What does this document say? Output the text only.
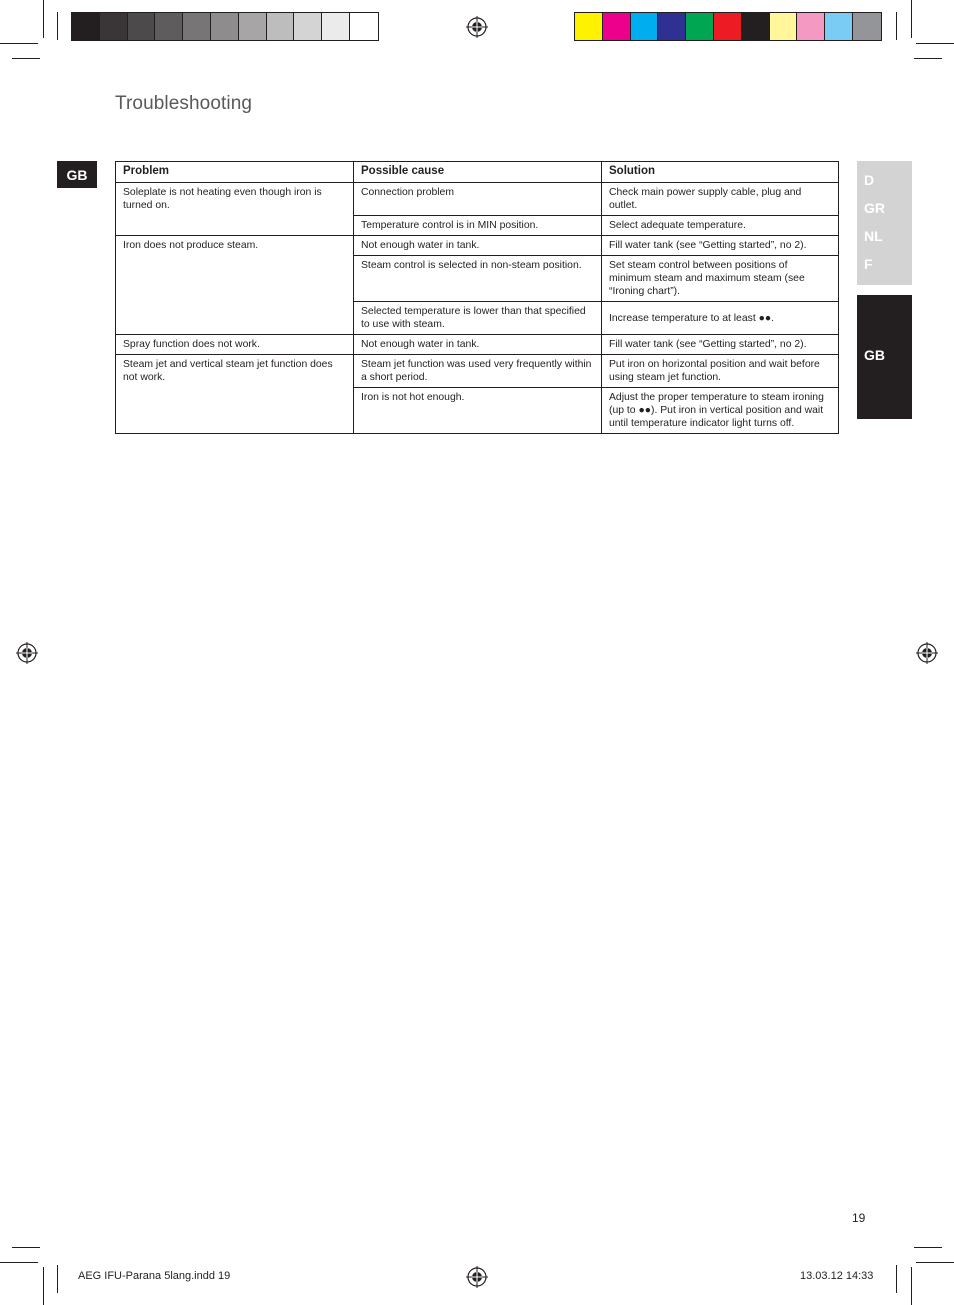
Troubleshooting
GB	D
GR
NL
F
GB
Problem	Possible cause	Solution
Soleplate is not heating even though iron is turned on.	Connection problem	Check main power supply cable, plug and outlet.
	Temperature control is in MIN position.	Select adequate temperature.
Iron does not produce steam.	Not enough water in tank.	Fill water tank (see “Getting started”, no 2).
	Steam control is selected in non-steam position.	Set steam control between positions of minimum steam and maximum steam (see “Ironing chart”).
	Selected temperature is lower than that specified to use with steam.	Increase temperature to at least ●●.
Spray function does not work.	Not enough water in tank.	Fill water tank (see “Getting started”, no 2).
Steam jet and vertical steam jet function does not work.	Steam jet function was used very frequently within a short period.	Put iron on horizontal position and wait before using steam jet function.
	Iron is not hot enough.	Adjust the proper temperature to steam ironing (up to ●●). Put iron in vertical position and wait until temperature indicator light turns off.
19
AEG IFU-Parana 5lang.indd 19	13.03.12 14:33
